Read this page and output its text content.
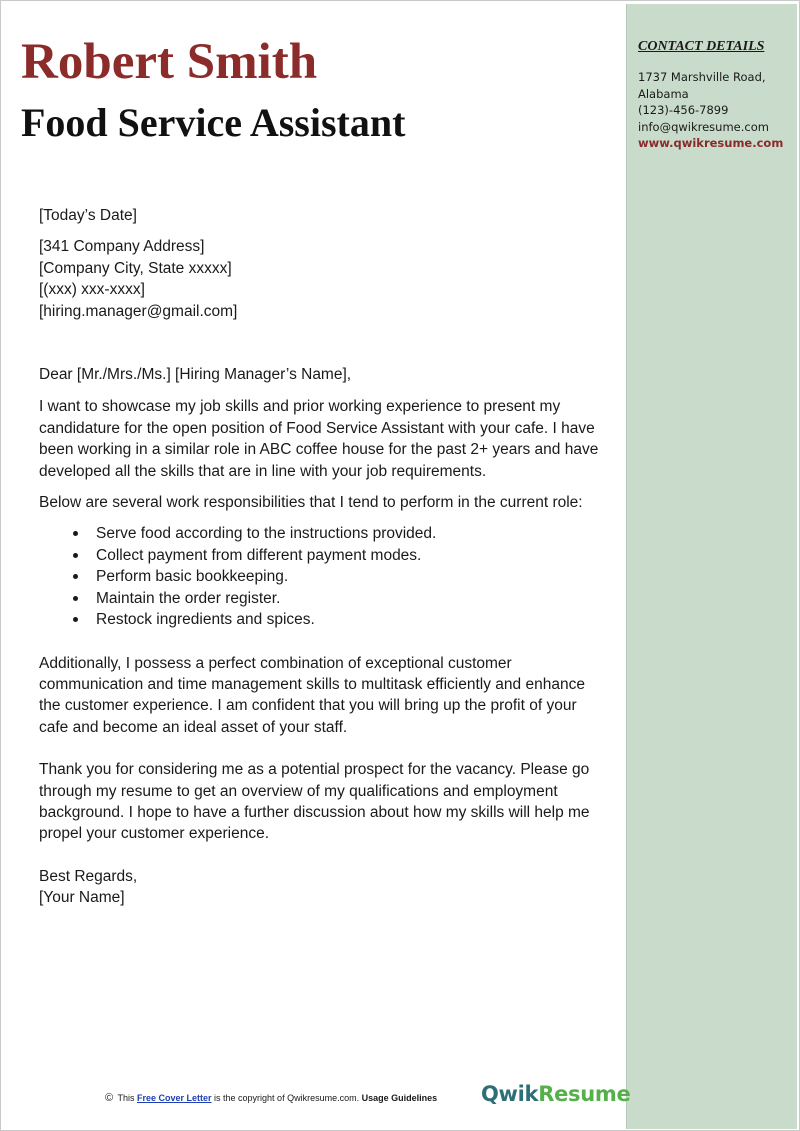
Robert Smith
Food Service Assistant
CONTACT DETAILS
1737 Marshville Road,
Alabama
(123)-456-7899
info@qwikresume.com
www.qwikresume.com

[Today’s Date]

[341 Company Address]

[Company City, State xxxxx]

[(xxx) xxx-xxxx]

[hiring.manager@gmail.com]

Dear [Mr./Mrs./Ms.] [Hiring Manager’s Name],

I want to showcase my job skills and prior working experience to present my candidature for the open position of Food Service Assistant with your cafe. I have been working in a similar role in ABC coffee house for the past 2+ years and have developed all the skills that are in line with your job requirements.

Below are several work responsibilities that I tend to perform in the current role:

Serve food according to the instructions provided.
Collect payment from different payment modes.
Perform basic bookkeeping.
Maintain the order register.
Restock ingredients and spices.

Additionally, I possess a perfect combination of exceptional customer communication and time management skills to multitask efficiently and enhance the customer experience. I am confident that you will bring up the profit of your cafe and become an ideal asset of your staff.

Thank you for considering me as a potential prospect for the vacancy. Please go through my resume to get an overview of my qualifications and employment background. I hope to have a further discussion about how my skills will help me propel your customer experience.

Best Regards,

[Your Name]

© This Free Cover Letter is the copyright of Qwikresume.com. Usage Guidelines QwikResume
